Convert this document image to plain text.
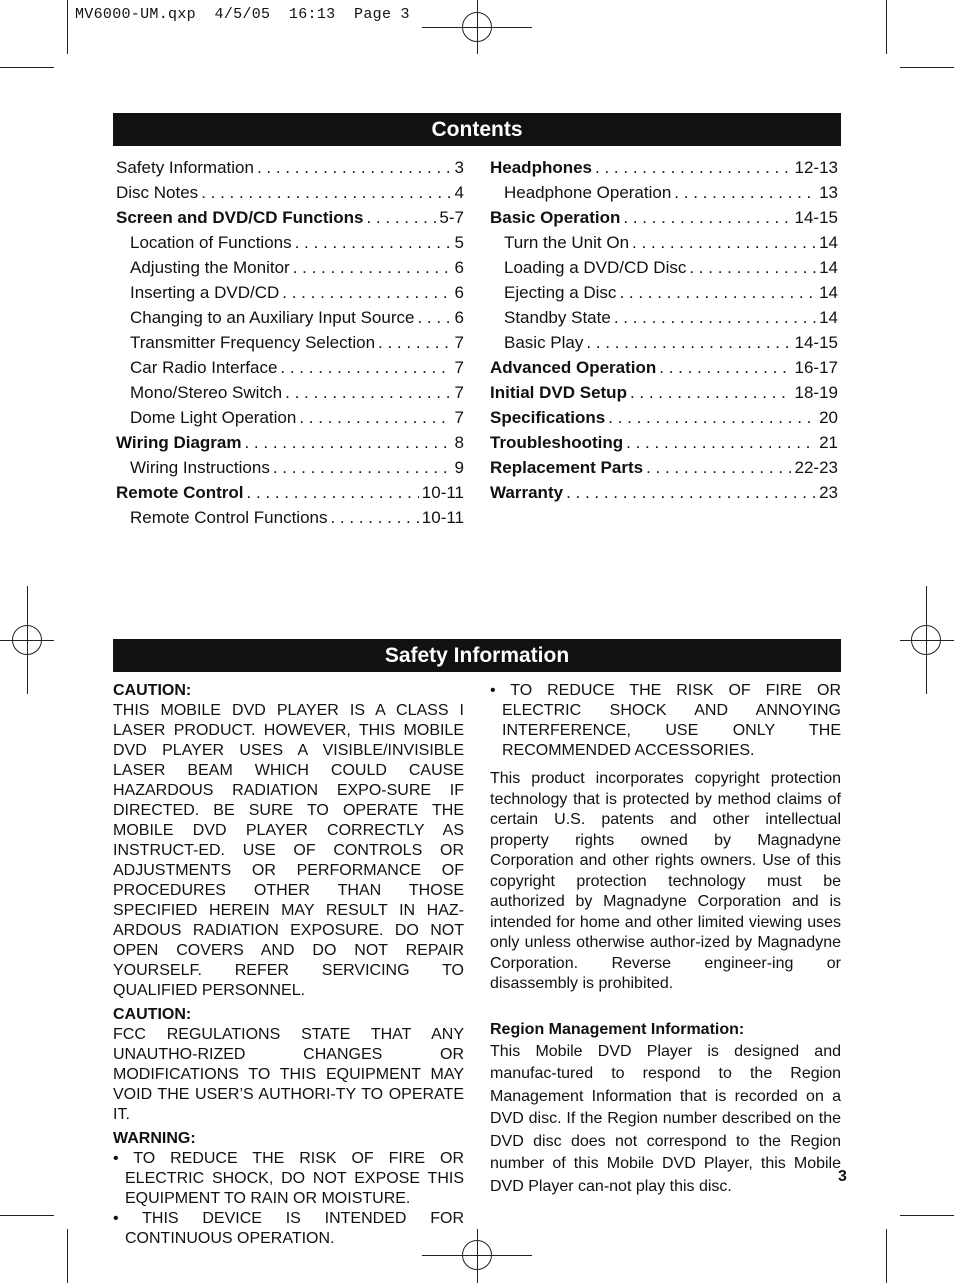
MV6000-UM.qxp  4/5/05  16:13  Page 3
Contents
Safety Information . . .	3
Disc Notes . . .	4
Screen and DVD/CD Functions . . .	5-7
Location of Functions . . .	5
Adjusting the Monitor . . .	6
Inserting a DVD/CD . . .	6
Changing to an Auxiliary Input Source . . . 6
Transmitter Frequency Selection . . .	7
Car Radio Interface . . .	7
Mono/Stereo Switch . . .	7
Dome Light Operation . . .	7
Wiring Diagram . . .	8
Wiring Instructions . . .	9
Remote Control . . .	10-11
Remote Control Functions . . .	10-11
Headphones . . .	12-13
Headphone Operation . . .	13
Basic Operation . . .	14-15
Turn the Unit On . . .	14
Loading a DVD/CD Disc . . .	14
Ejecting a Disc . . .	14
Standby State . . .	14
Basic Play . . .	14-15
Advanced Operation . . .	16-17
Initial DVD Setup . . .	18-19
Specifications . . .	20
Troubleshooting . . .	21
Replacement Parts . . .	22-23
Warranty . . .	23
Safety Information

CAUTION:

THIS MOBILE DVD PLAYER IS A CLASS I LASER PRODUCT. HOWEVER, THIS MOBILE DVD PLAYER USES A VISIBLE/INVISIBLE LASER BEAM WHICH COULD CAUSE HAZARDOUS RADIATION EXPO-SURE IF DIRECTED. BE SURE TO OPERATE THE MOBILE DVD PLAYER CORRECTLY AS INSTRUCT-ED. USE OF CONTROLS OR ADJUSTMENTS OR PERFORMANCE OF PROCEDURES OTHER THAN THOSE SPECIFIED HEREIN MAY RESULT IN HAZ-ARDOUS RADIATION EXPOSURE. DO NOT OPEN COVERS AND DO NOT REPAIR YOURSELF. REFER SERVICING TO QUALIFIED PERSONNEL.

CAUTION:

FCC REGULATIONS STATE THAT ANY UNAUTHO-RIZED CHANGES OR MODIFICATIONS TO THIS EQUIPMENT MAY VOID THE USER’S AUTHORI-TY TO OPERATE IT.

WARNING:

• TO REDUCE THE RISK OF FIRE OR ELECTRIC SHOCK, DO NOT EXPOSE THIS EQUIPMENT TO RAIN OR MOISTURE.

• THIS DEVICE IS INTENDED FOR CONTINUOUS OPERATION.

• TO REDUCE THE RISK OF FIRE OR ELECTRIC SHOCK AND ANNOYING INTERFERENCE, USE ONLY THE RECOMMENDED ACCESSORIES.

This product incorporates copyright protection technology that is protected by method claims of certain U.S. patents and other intellectual property rights owned by Magnadyne Corporation and other rights owners. Use of this copyright protection technology must be authorized by Magnadyne Corporation and is intended for home and other limited viewing uses only unless otherwise author-ized by Magnadyne Corporation. Reverse engineer-ing or disassembly is prohibited.

Region Management Information:

This Mobile DVD Player is designed and manufac-tured to respond to the Region Management Information that is recorded on a DVD disc. If the Region number described on the DVD disc does not correspond to the Region number of this Mobile DVD Player, this Mobile DVD Player can-not play this disc.

3
